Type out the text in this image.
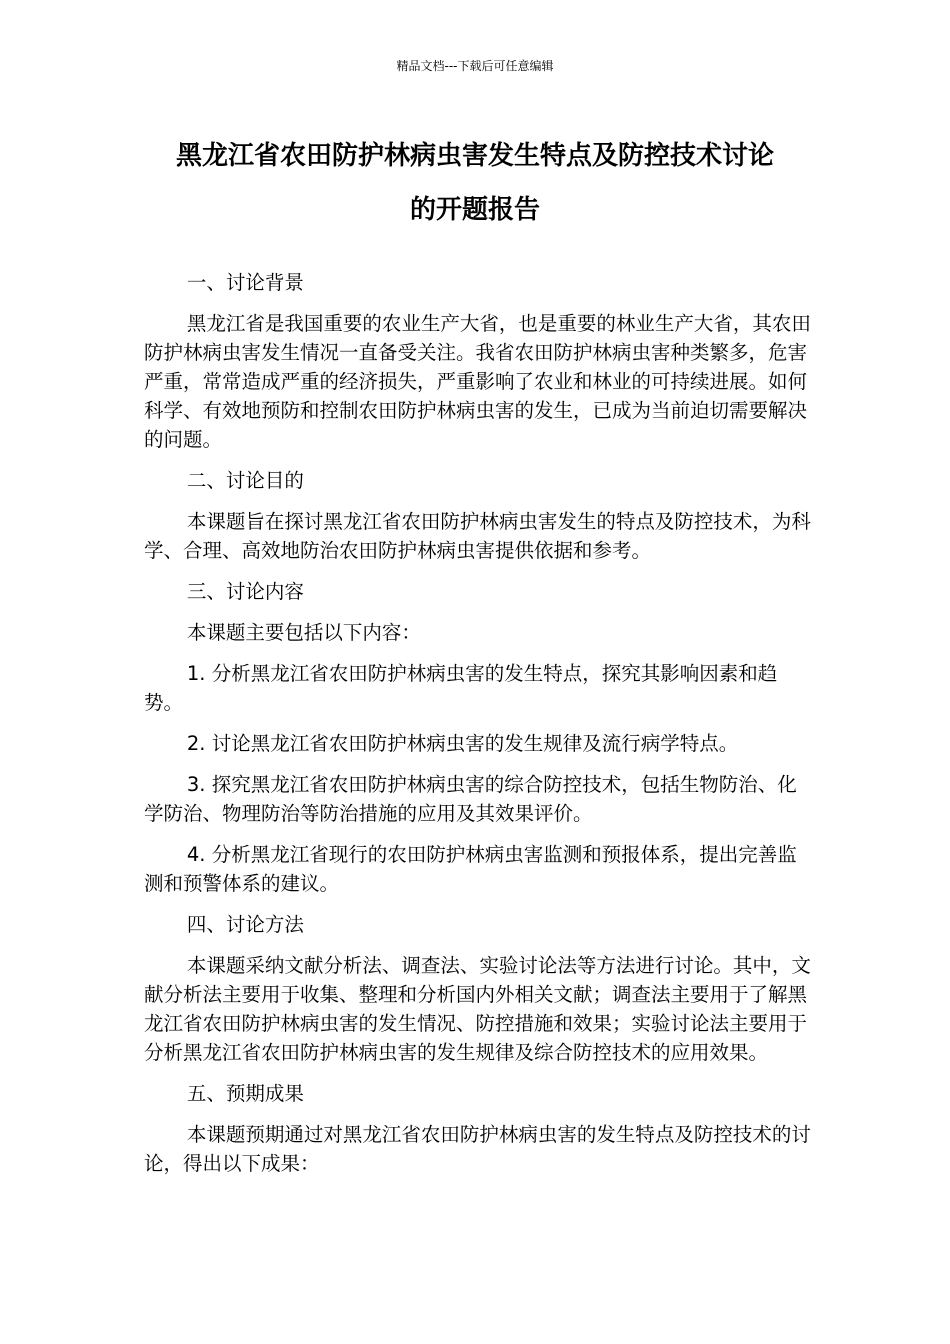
精品文档---下载后可任意编辑
黑龙江省农田防护林病虫害发生特点及防控技术讨论
的开题报告

一、讨论背景

黑龙江省是我国重要的农业生产大省，也是重要的林业生产大省，其农田防护林病虫害发生情况一直备受关注。我省农田防护林病虫害种类繁多，危害严重，常常造成严重的经济损失，严重影响了农业和林业的可持续进展。如何科学、有效地预防和控制农田防护林病虫害的发生，已成为当前迫切需要解决的问题。

二、讨论目的

本课题旨在探讨黑龙江省农田防护林病虫害发生的特点及防控技术，为科学、合理、高效地防治农田防护林病虫害提供依据和参考。

三、讨论内容

本课题主要包括以下内容：

1. 分析黑龙江省农田防护林病虫害的发生特点，探究其影响因素和趋势。

2. 讨论黑龙江省农田防护林病虫害的发生规律及流行病学特点。

3. 探究黑龙江省农田防护林病虫害的综合防控技术，包括生物防治、化学防治、物理防治等防治措施的应用及其效果评价。

4. 分析黑龙江省现行的农田防护林病虫害监测和预报体系，提出完善监测和预警体系的建议。

四、讨论方法

本课题采纳文献分析法、调查法、实验讨论法等方法进行讨论。其中，文献分析法主要用于收集、整理和分析国内外相关文献；调查法主要用于了解黑龙江省农田防护林病虫害的发生情况、防控措施和效果；实验讨论法主要用于分析黑龙江省农田防护林病虫害的发生规律及综合防控技术的应用效果。

五、预期成果

本课题预期通过对黑龙江省农田防护林病虫害的发生特点及防控技术的讨论，得出以下成果：
